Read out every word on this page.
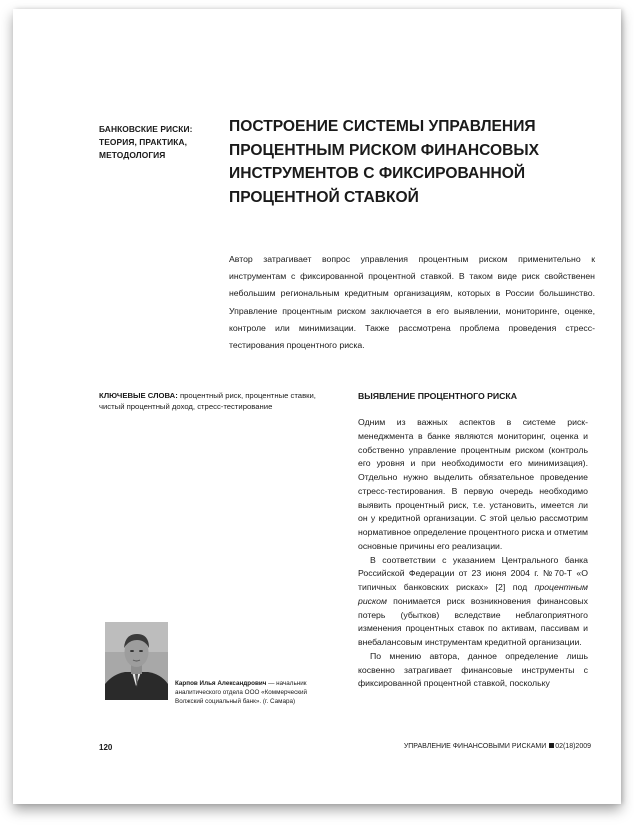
БАНКОВСКИЕ РИСКИ: ТЕОРИЯ, ПРАКТИКА, МЕТОДОЛОГИЯ
ПОСТРОЕНИЕ СИСТЕМЫ УПРАВЛЕНИЯ ПРОЦЕНТНЫМ РИСКОМ ФИНАНСОВЫХ ИНСТРУМЕНТОВ С ФИКСИРОВАННОЙ ПРОЦЕНТНОЙ СТАВКОЙ
Автор затрагивает вопрос управления процентным риском применительно к инструментам с фиксированной процентной ставкой. В таком виде риск свойственен небольшим региональным кредитным организациям, которых в России большинство. Управление процентным риском заключается в его выявлении, мониторинге, оценке, контроле или минимизации. Также рассмотрена проблема проведения стресс-тестирования процентного риска.
КЛЮЧЕВЫЕ СЛОВА: процентный риск, процентные ставки, чистый процентный доход, стресс-тестирование
ВЫЯВЛЕНИЕ ПРОЦЕНТНОГО РИСКА

Одним из важных аспектов в системе риск-менеджмента в банке являются мониторинг, оценка и собственно управление процентным риском (контроль его уровня и при необходимости его минимизация). Отдельно нужно выделить обязательное проведение стресс-тестирования. В первую очередь необходимо выявить процентный риск, т.е. установить, имеется ли он у кредитной организации. С этой целью рассмотрим нормативное определение процентного риска и отметим основные причины его реализации.

В соответствии с указанием Центрального банка Российской Федерации от 23 июня 2004 г. №70-Т «О типичных банковских рисках» [2] под процентным риском понимается риск возникновения финансовых потерь (убытков) вследствие неблагоприятного изменения процентных ставок по активам, пассивам и внебалансовым инструментам кредитной организации.

По мнению автора, данное определение лишь косвенно затрагивает финансовые инструменты с фиксированной процентной ставкой, поскольку

Карпов Илья Александрович — начальник аналитического отдела ООО «Коммерческий Волжский социальный банк». (г. Самара)
120	УПРАВЛЕНИЕ ФИНАНСОВЫМИ РИСКАМИ 02(18)2009
